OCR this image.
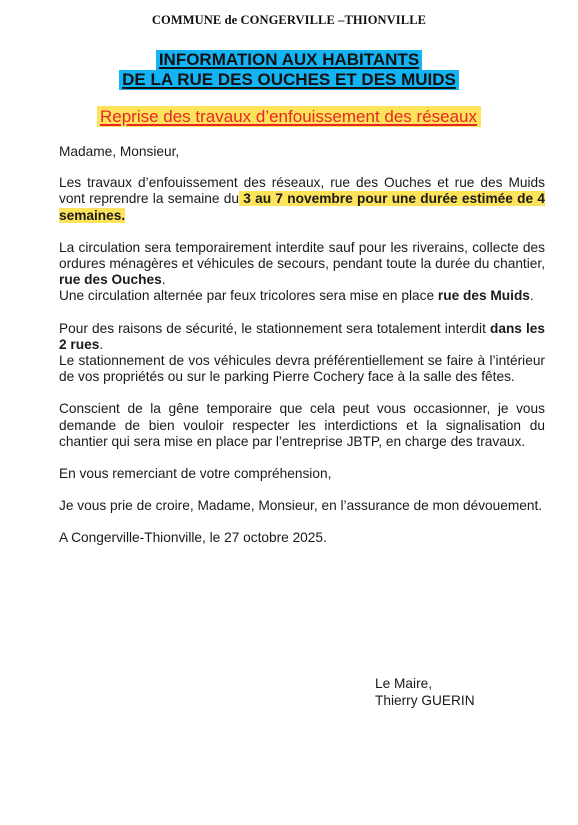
COMMUNE de CONGERVILLE –THIONVILLE
INFORMATION AUX HABITANTS
DE LA RUE DES OUCHES ET DES MUIDS
Reprise des travaux d’enfouissement des réseaux

Madame, Monsieur,

Les travaux d’enfouissement des réseaux, rue des Ouches et rue des Muids vont reprendre la semaine du 3 au 7 novembre pour une durée estimée de 4 semaines.

La circulation sera temporairement interdite sauf pour les riverains, collecte des ordures ménagères et véhicules de secours, pendant toute la durée du chantier, rue des Ouches.

Une circulation alternée par feux tricolores sera mise en place rue des Muids.

Pour des raisons de sécurité, le stationnement sera totalement interdit dans les 2 rues.

Le stationnement de vos véhicules devra préférentiellement se faire à l’intérieur de vos propriétés ou sur le parking Pierre Cochery face à la salle des fêtes.

Conscient de la gêne temporaire que cela peut vous occasionner, je vous demande de bien vouloir respecter les interdictions et la signalisation du chantier qui sera mise en place par l’entreprise JBTP, en charge des travaux.

En vous remerciant de votre compréhension,

Je vous prie de croire, Madame, Monsieur, en l’assurance de mon dévouement.

A Congerville-Thionville, le 27 octobre 2025.

Le Maire,
Thierry GUERIN
